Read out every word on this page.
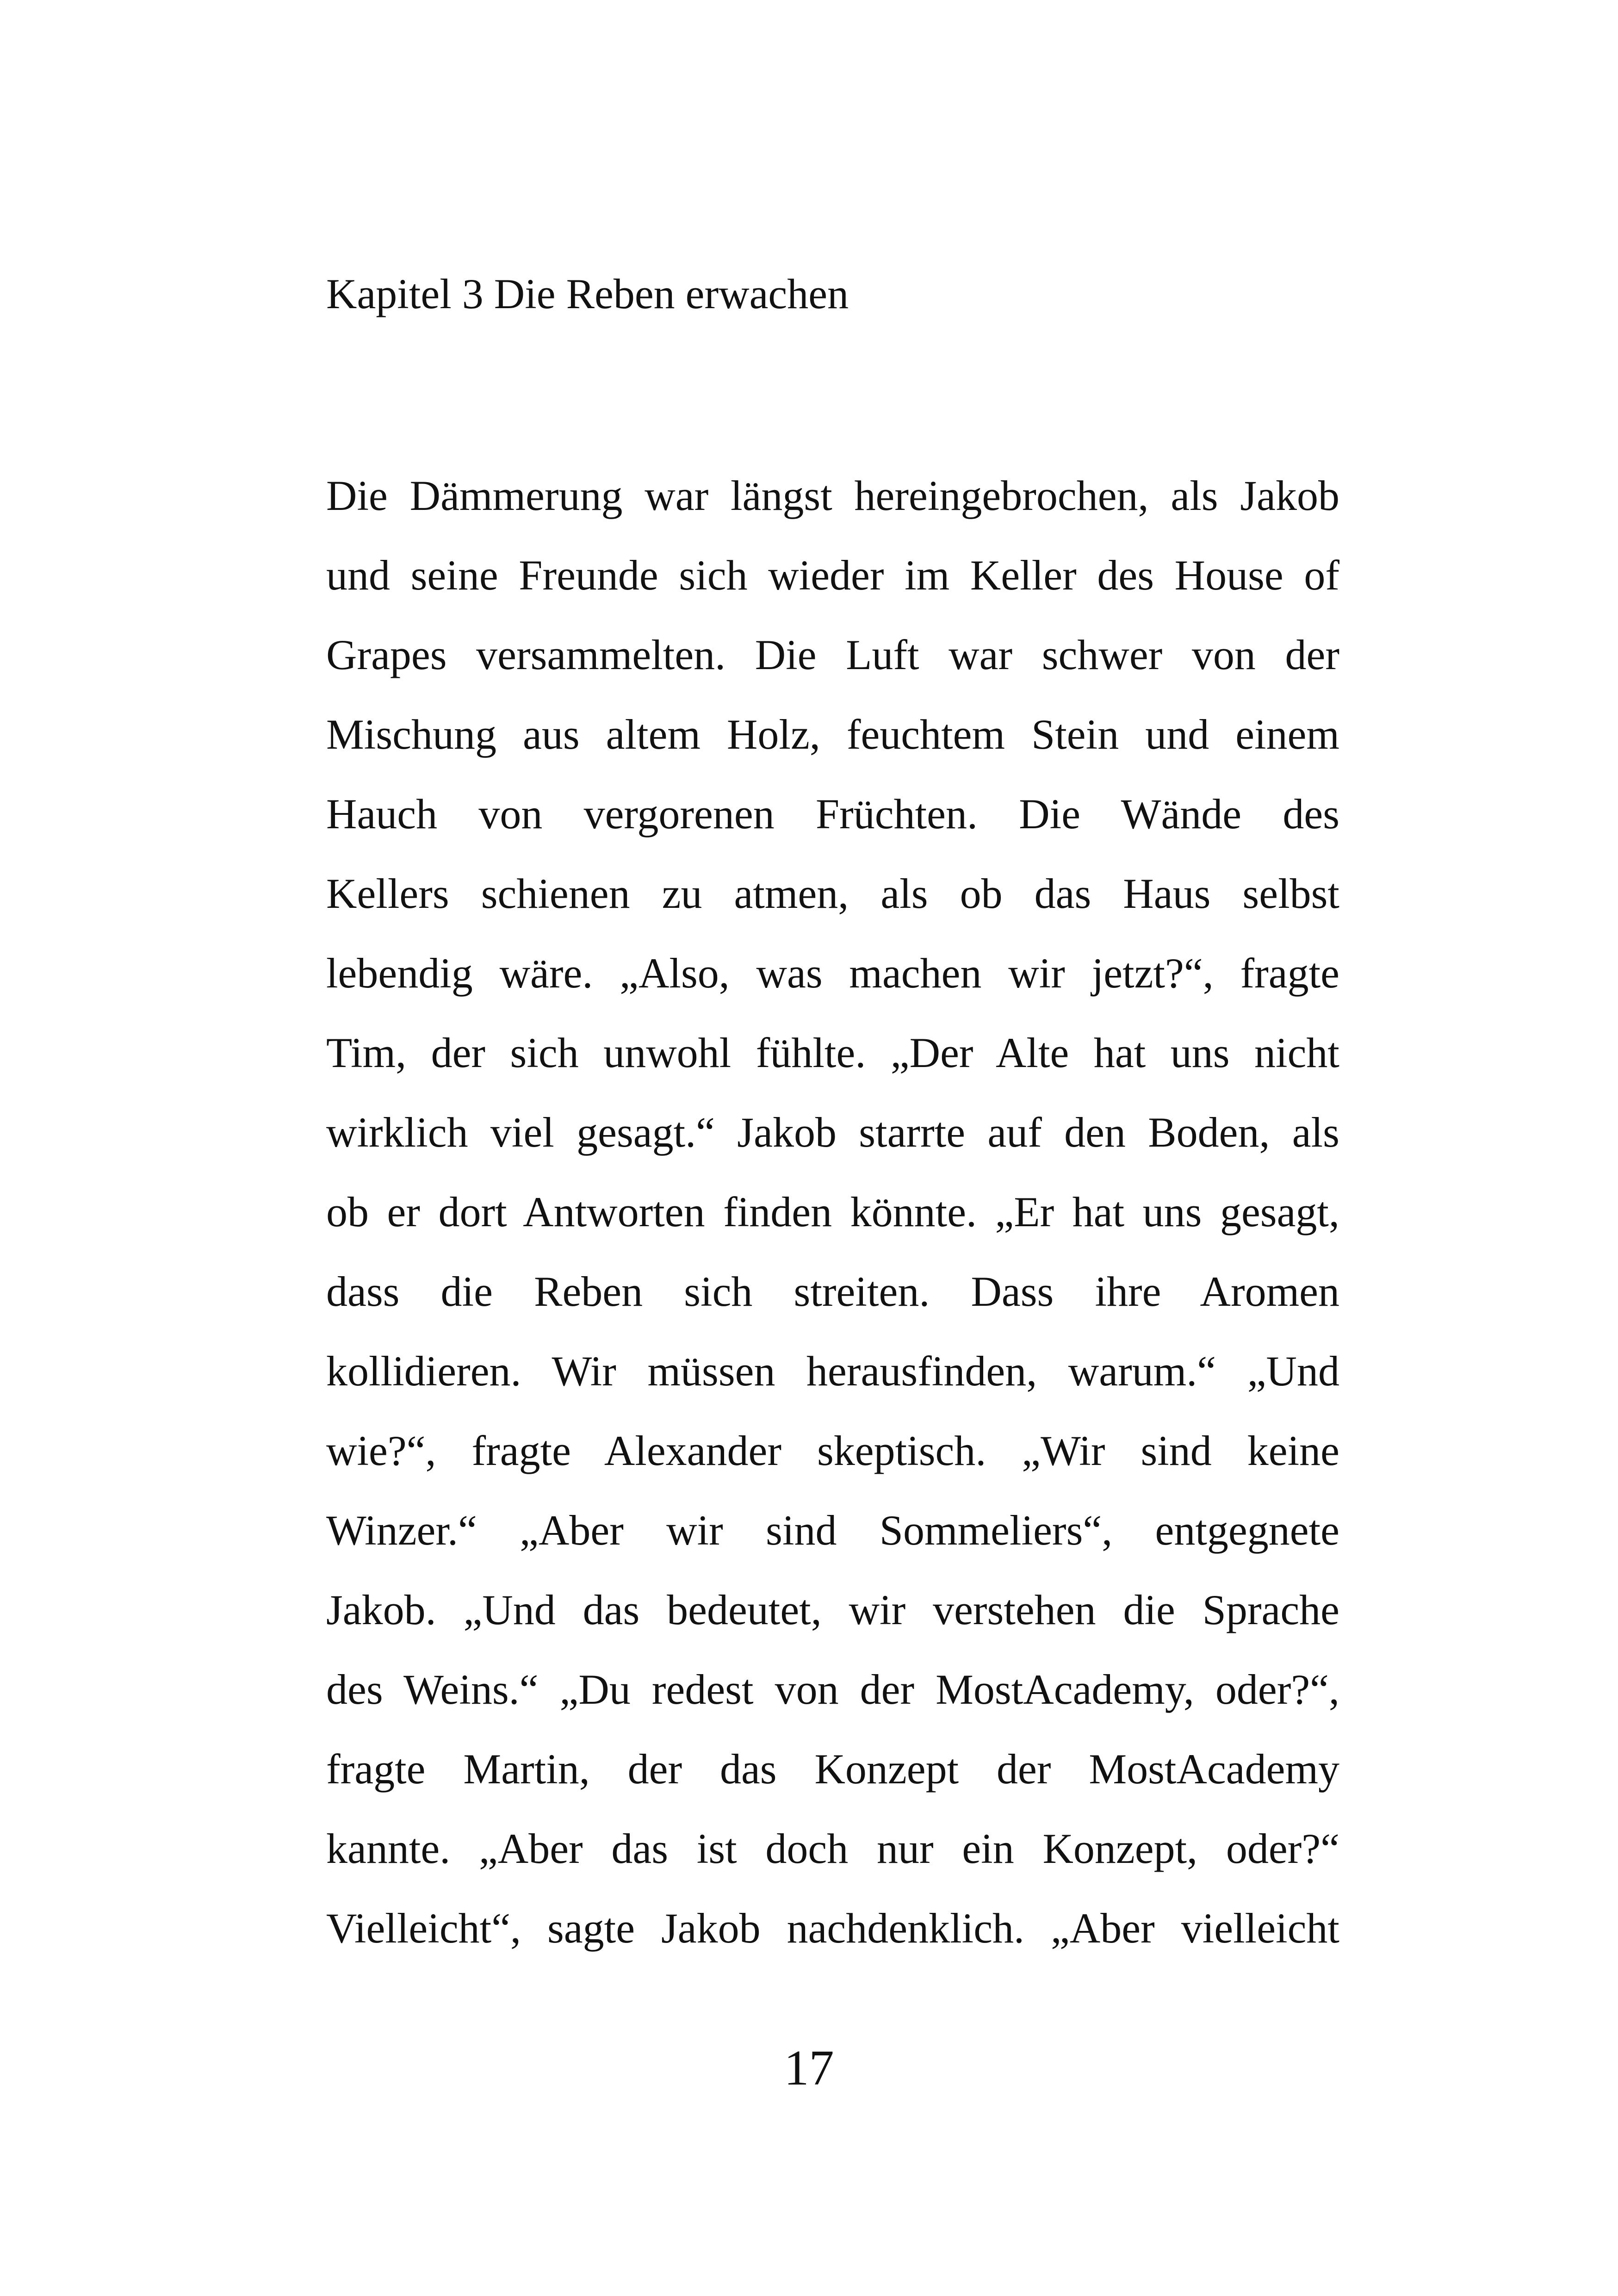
Kapitel 3 Die Reben erwachen
Die Dämmerung war längst hereingebrochen, als Jakob
und seine Freunde sich wieder im Keller des House of
Grapes versammelten. Die Luft war schwer von der
Mischung aus altem Holz, feuchtem Stein und einem
Hauch von vergorenen Früchten. Die Wände des
Kellers schienen zu atmen, als ob das Haus selbst
lebendig wäre. „Also, was machen wir jetzt?“, fragte
Tim, der sich unwohl fühlte. „Der Alte hat uns nicht
wirklich viel gesagt.“ Jakob starrte auf den Boden, als
ob er dort Antworten finden könnte. „Er hat uns gesagt,
dass die Reben sich streiten. Dass ihre Aromen
kollidieren. Wir müssen herausfinden, warum.“ „Und
wie?“, fragte Alexander skeptisch. „Wir sind keine
Winzer.“ „Aber wir sind Sommeliers“, entgegnete
Jakob. „Und das bedeutet, wir verstehen die Sprache
des Weins.“ „Du redest von der MostAcademy, oder?“,
fragte Martin, der das Konzept der MostAcademy
kannte. „Aber das ist doch nur ein Konzept, oder?“
Vielleicht“, sagte Jakob nachdenklich. „Aber vielleicht
17
